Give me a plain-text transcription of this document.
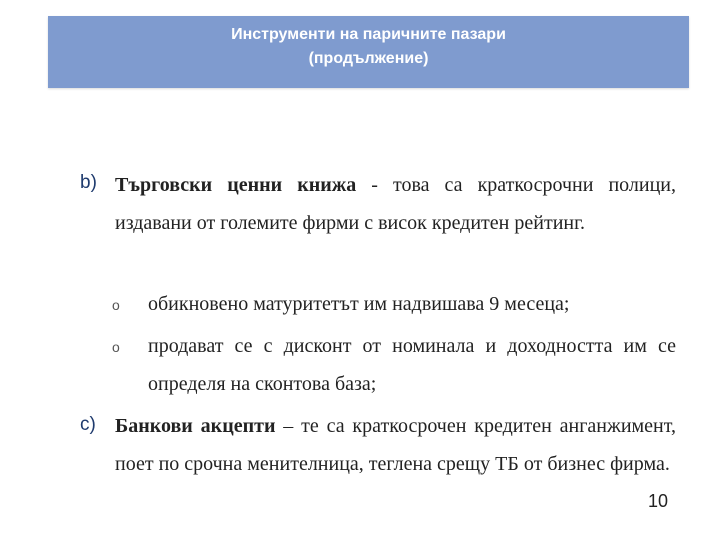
Инструменти на паричните пазари
(продължение)
b) Търговски ценни книжа - това са краткосрочни полици, издавани от големите фирми с висок кредитен рейтинг.
o обикновено матуритетът им надвишава 9 месеца;
o продават се с дисконт от номинала и доходността им се определя на сконтова база;
c) Банкови акцепти – те са краткосрочен кредитен анганжимент, поет по срочна менителница, теглена срещу ТБ от бизнес фирма.
10
